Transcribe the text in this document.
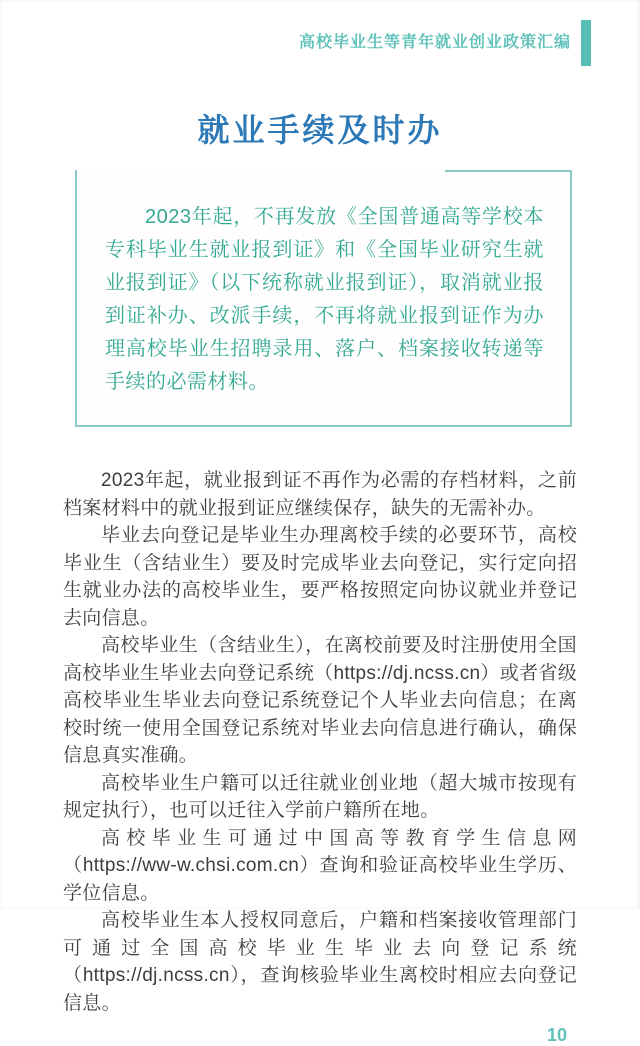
高校毕业生等青年就业创业政策汇编
就业手续及时办

2023年起，不再发放《全国普通高等学校本专科毕业生就业报到证》和《全国毕业研究生就业报到证》（以下统称就业报到证），取消就业报到证补办、改派手续，不再将就业报到证作为办理高校毕业生招聘录用、落户、档案接收转递等手续的必需材料。

2023年起，就业报到证不再作为必需的存档材料，之前档案材料中的就业报到证应继续保存，缺失的无需补办。

毕业去向登记是毕业生办理离校手续的必要环节，高校毕业生（含结业生）要及时完成毕业去向登记，实行定向招生就业办法的高校毕业生，要严格按照定向协议就业并登记去向信息。

高校毕业生（含结业生），在离校前要及时注册使用全国高校毕业生毕业去向登记系统（https://dj.ncss.cn）或者省级高校毕业生毕业去向登记系统登记个人毕业去向信息；在离校时统一使用全国登记系统对毕业去向信息进行确认，确保信息真实准确。

高校毕业生户籍可以迁往就业创业地（超大城市按现有规定执行），也可以迁往入学前户籍所在地。

高校毕业生可通过中国高等教育学生信息网（https://ww-w.chsi.com.cn）查询和验证高校毕业生学历、学位信息。

高校毕业生本人授权同意后，户籍和档案接收管理部门可通过全国高校毕业生毕业去向登记系统（https://dj.ncss.cn），查询核验毕业生离校时相应去向登记信息。

10
